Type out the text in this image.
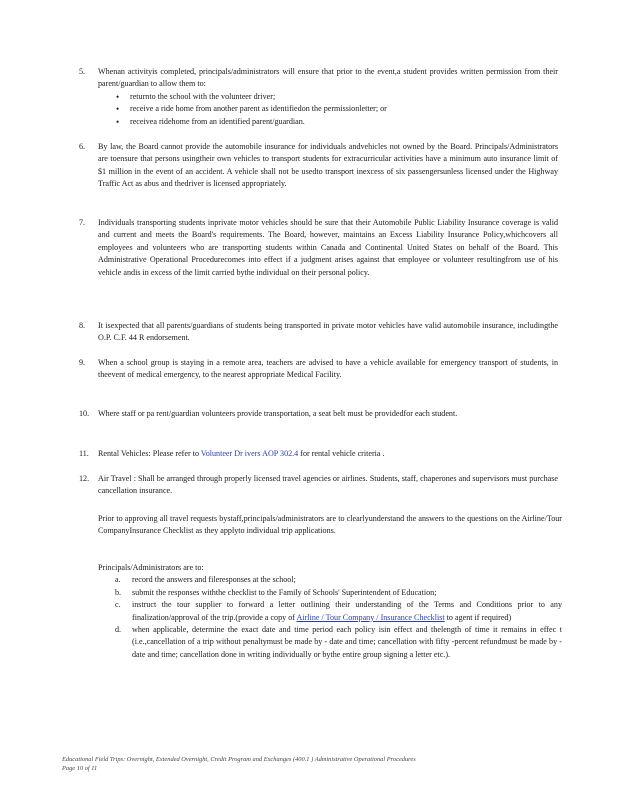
5.	Whenan activityis completed, principals/administrators will ensure that prior to the event,a student provides written permission from their parent/guardian to allow them to:
• returnto the school with the volunteer driver;
• receive a ride home from another parent as identifiedon the permissionletter; or
• receivea ridehome from an identified parent/guardian.
6.	By law, the Board cannot provide the automobile insurance for individuals andvehicles not owned by the Board. Principals/Administrators are toensure that persons usingtheir own vehicles to transport students for extracurricular activities have a minimum auto insurance limit of $1 million in the event of an accident. A vehicle shall not be usedto transport inexcess of six passengersunless licensed under the Highway Traffic Act as abus and thedriver is licensed appropriately.
7.	Individuals transporting students inprivate motor vehicles should be sure that their Automobile Public Liability Insurance coverage is valid and current and meets the Board's requirements. The Board, however, maintains an Excess Liability Insurance Policy,whichcovers all employees and volunteers who are transporting students within Canada and Continental United States on behalf of the Board. This Administrative Operational Procedurecomes into effect if a judgment arises against that employee or volunteer resultingfrom use of his vehicle andis in excess of the limit carried bythe individual on their personal policy.
8.	It isexpected that all parents/guardians of students being transported in private motor vehicles have valid automobile insurance, includingthe O.P. C.F. 44 R endorsement.
9.	When a school group is staying in a remote area, teachers are advised to have a vehicle available for emergency transport of students, in theevent of medical emergency, to the nearest appropriate Medical Facility.
10.	Where staff or pa rent/guardian volunteers provide transportation, a seat belt must be providedfor each student.
11.	Rental Vehicles: Please refer to Volunteer Dr ivers AOP 302.4 for rental vehicle criteria .
12.	Air Travel : Shall be arranged through properly licensed travel agencies or airlines. Students, staff, chaperones and supervisors must purchase cancellation insurance.
Prior to approving all travel requests bystaff,principals/administrators are to clearlyunderstand the answers to the questions on the Airline/Tour CompanyInsurance Checklist as they applyto individual trip applications.
Principals/Administrators are to:
a. record the answers and fileresponses at the school;
b. submit the responses withthe checklist to the Family of Schools' Superintendent of Education;
c. instruct the tour supplier to forward a letter outlining their understanding of the Terms and Conditions prior to any finalization/approval of the trip.(provide a copy of Airline / Tour Company / Insurance Checklist to agent if required)
d. when applicable, determine the exact date and time period each policy isin effect and thelength of time it remains in effec t (i.e.,cancellation of a trip without penaltymust be made by - date and time; cancellation with fifty -percent refundmust be made by - date and time; cancellation done in writing individually or bythe entire group signing a letter etc.).
Educational Field Trips: Overnight, Extended Overnight, Credit Program and Exchanges (400.1 ) Administrative Operational Procedures
Page 10 of 11
